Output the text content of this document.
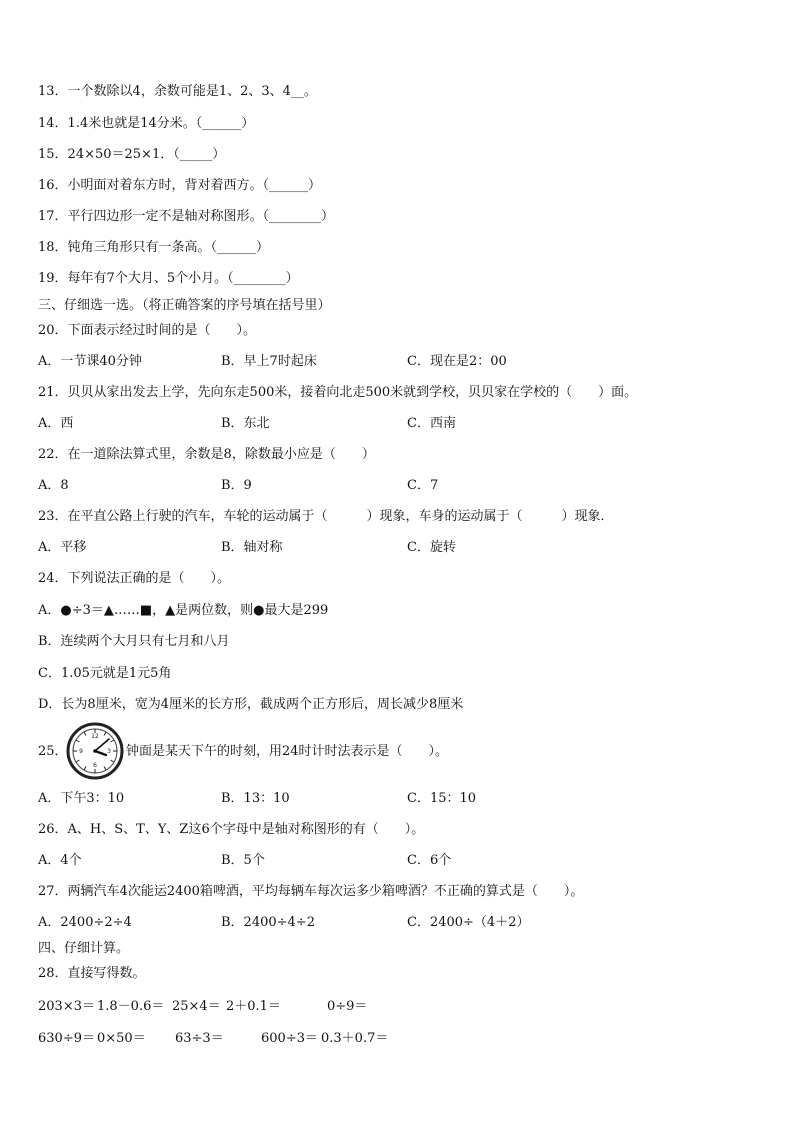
13．一个数除以4，余数可能是1、2、3、4__。
14．1.4米也就是14分米。（______）
15．24×50＝25×1．（_____）
16．小明面对着东方时，背对着西方。（______）
17．平行四边形一定不是轴对称图形。（________）
18．钝角三角形只有一条高。（______）
19．每年有7个大月、5个小月。（________）
三、仔细选一选。（将正确答案的序号填在括号里）
20．下面表示经过时间的是（　　）。
A．一节课40分钟	B．早上7时起床	C．现在是2：00
21．贝贝从家出发去上学，先向东走500米，接着向北走500米就到学校，贝贝家在学校的（　　）面。
A．西	B．东北	C．西南
22．在一道除法算式里，余数是8，除数最小应是（　　）
A．8	B．9	C．7
23．在平直公路上行驶的汽车，车轮的运动属于（　　　）现象，车身的运动属于（　　　）现象．
A．平移	B．轴对称	C．旋转
24．下列说法正确的是（　　）。
A．●÷3＝▲……■，▲是两位数，则●最大是299
B．连续两个大月只有七月和八月
C．1.05元就是1元5角
D．长为8厘米，宽为4厘米的长方形，截成两个正方形后，周长减少8厘米
25．
12
3
6
9	钟面是某天下午的时刻，用24时计时法表示是（　　）。
A．下午3：10	B．13：10	C．15：10
26．A、H、S、T、Y、Z这6个字母中是轴对称图形的有（　　）。
A．4个	B．5个	C．6个
27．两辆汽车4次能运2400箱啤酒，平均每辆车每次运多少箱啤酒？不正确的算式是（　　）。
A．2400÷2÷4	B．2400÷4÷2	C．2400÷（4＋2）
四、仔细计算。
28．直接写得数。
203×3＝ 1.8－0.6＝ 25×4＝ 2＋0.1＝	0÷9＝
630÷9＝ 0×50＝ 63÷3＝	600÷3＝ 0.3＋0.7＝
